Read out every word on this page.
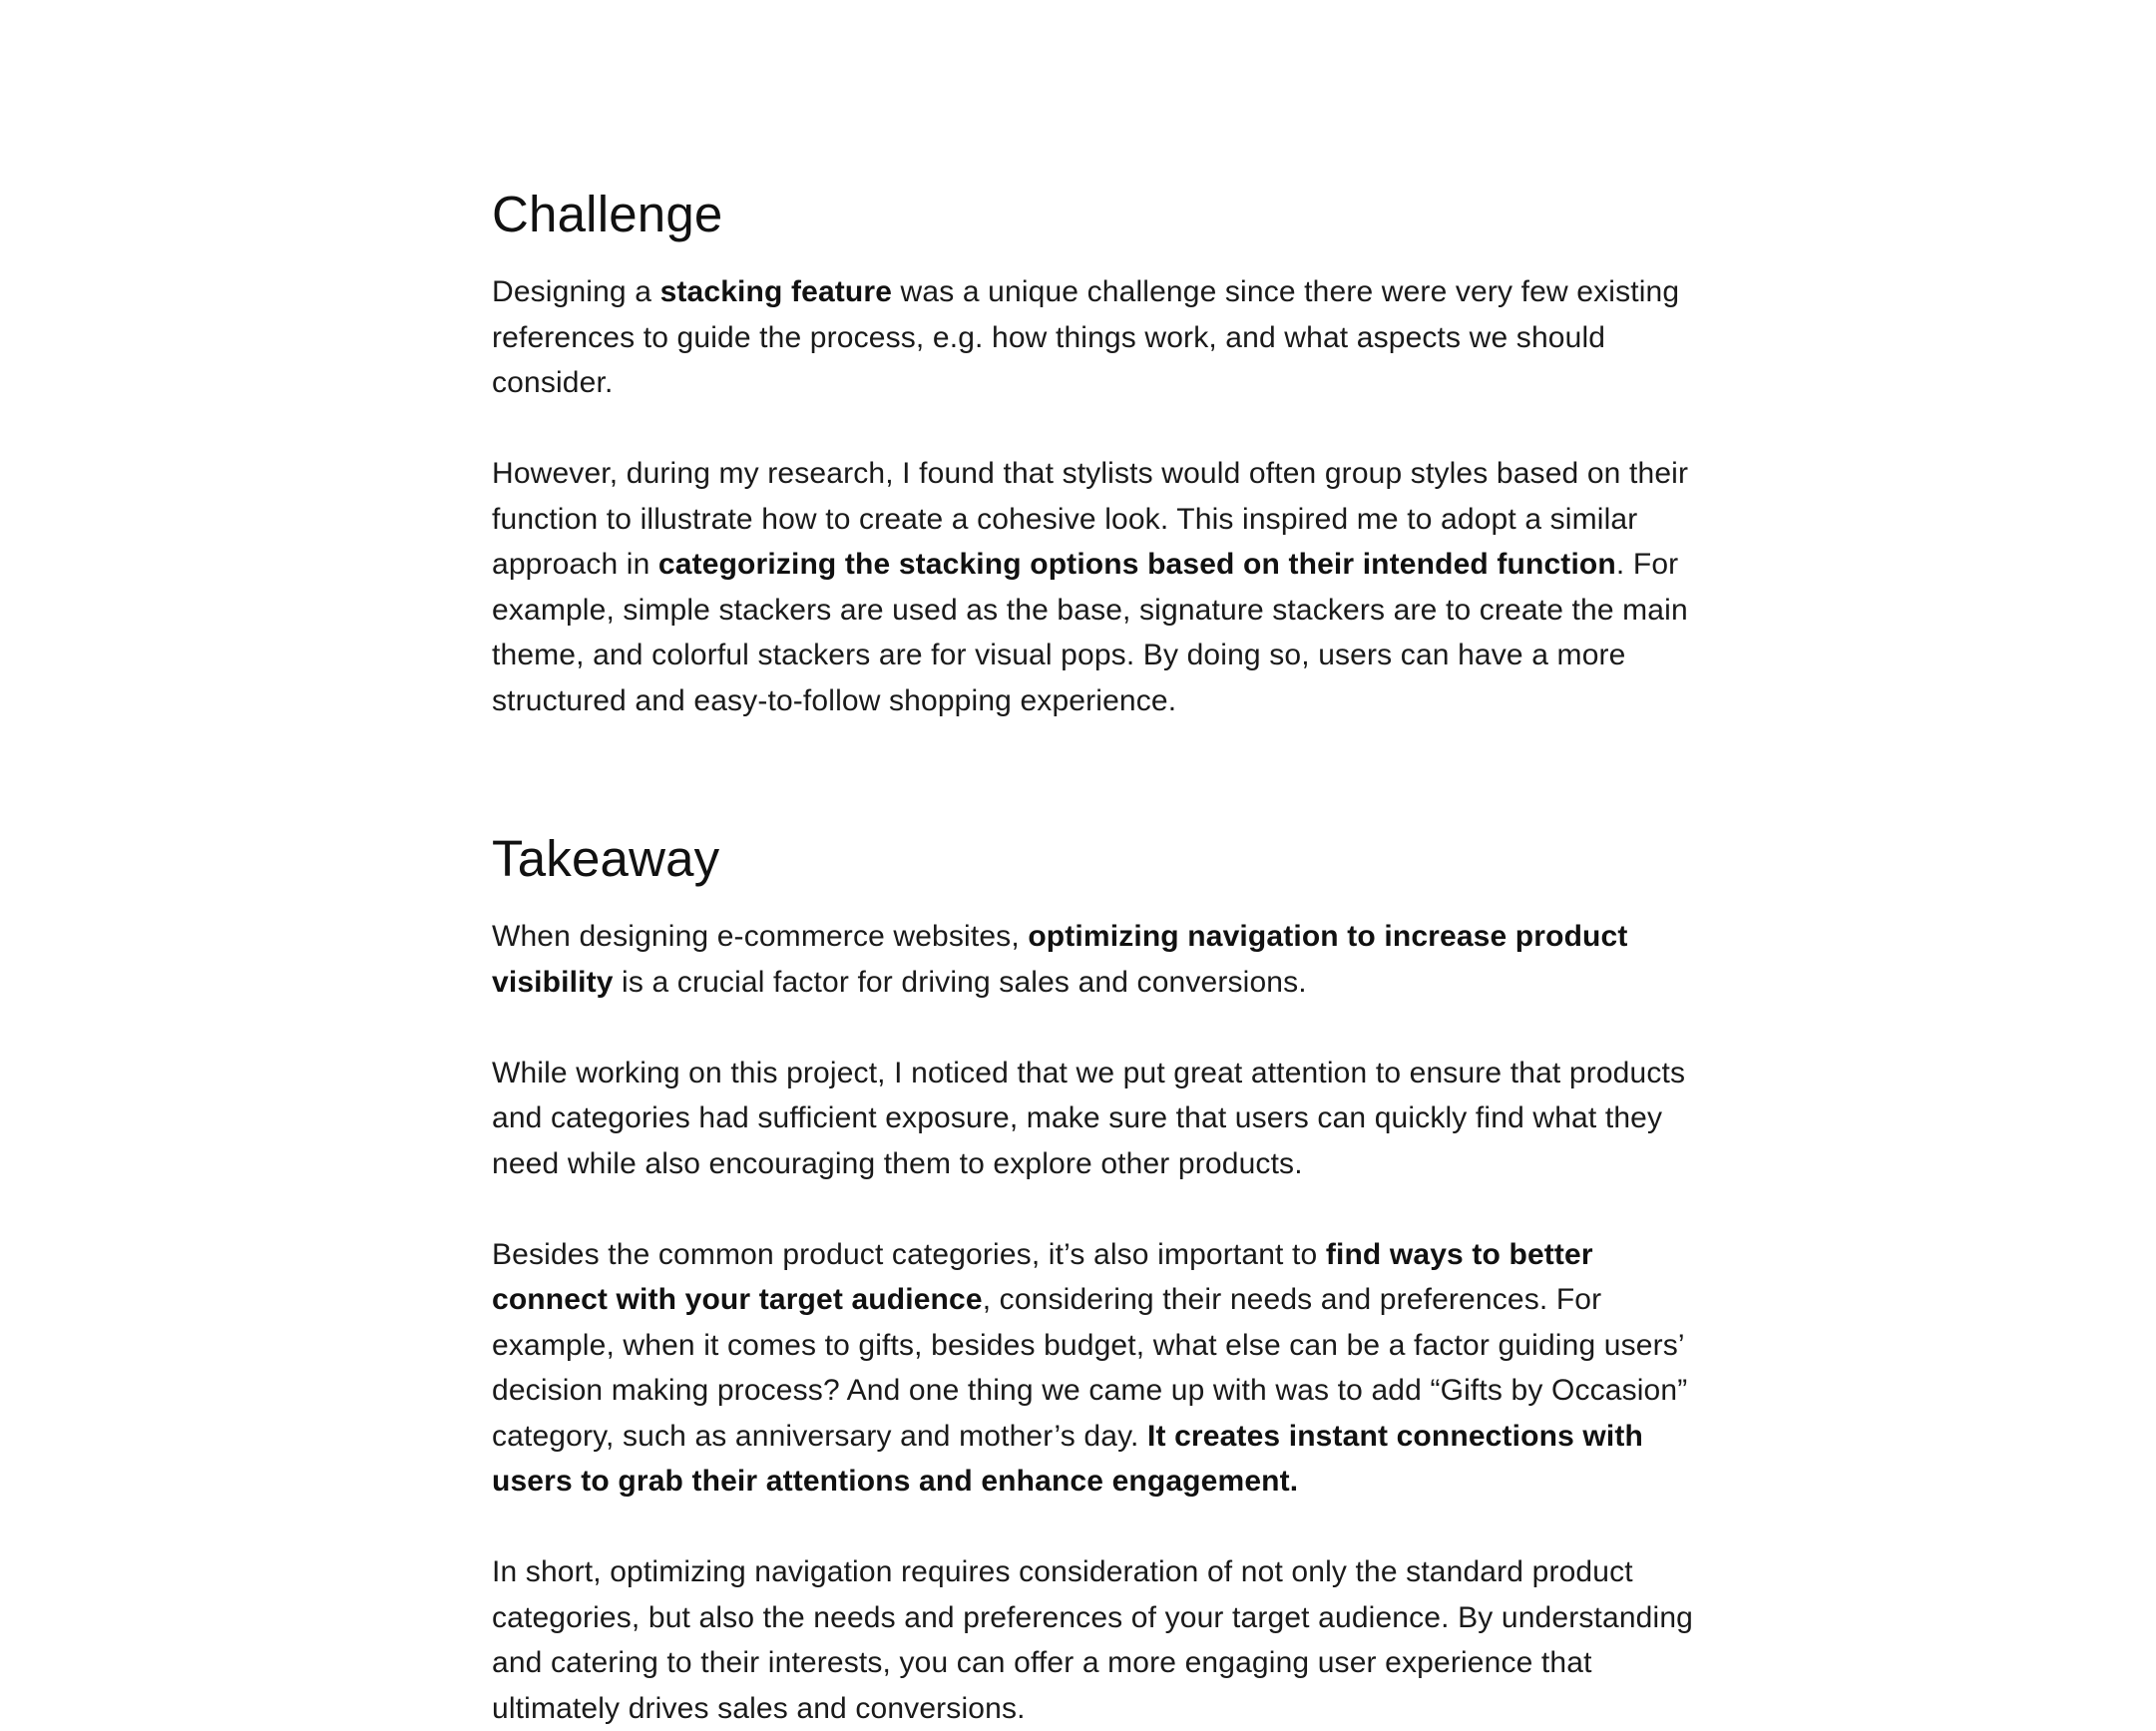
Challenge

Designing a stacking feature was a unique challenge since there were very few existing references to guide the process, e.g. how things work, and what aspects we should consider.

However, during my research, I found that stylists would often group styles based on their function to illustrate how to create a cohesive look. This inspired me to adopt a similar approach in categorizing the stacking options based on their intended function. For example, simple stackers are used as the base, signature stackers are to create the main theme, and colorful stackers are for visual pops. By doing so, users can have a more structured and easy-to-follow shopping experience.

Takeaway

When designing e-commerce websites, optimizing navigation to increase product visibility is a crucial factor for driving sales and conversions.

While working on this project, I noticed that we put great attention to ensure that products and categories had sufficient exposure, make sure that users can quickly find what they need while also encouraging them to explore other products.

Besides the common product categories, it’s also important to find ways to better connect with your target audience, considering their needs and preferences. For example, when it comes to gifts, besides budget, what else can be a factor guiding users’ decision making process? And one thing we came up with was to add “Gifts by Occasion” category, such as anniversary and mother’s day. It creates instant connections with users to grab their attentions and enhance engagement.

In short, optimizing navigation requires consideration of not only the standard product categories, but also the needs and preferences of your target audience. By understanding and catering to their interests, you can offer a more engaging user experience that ultimately drives sales and conversions.
